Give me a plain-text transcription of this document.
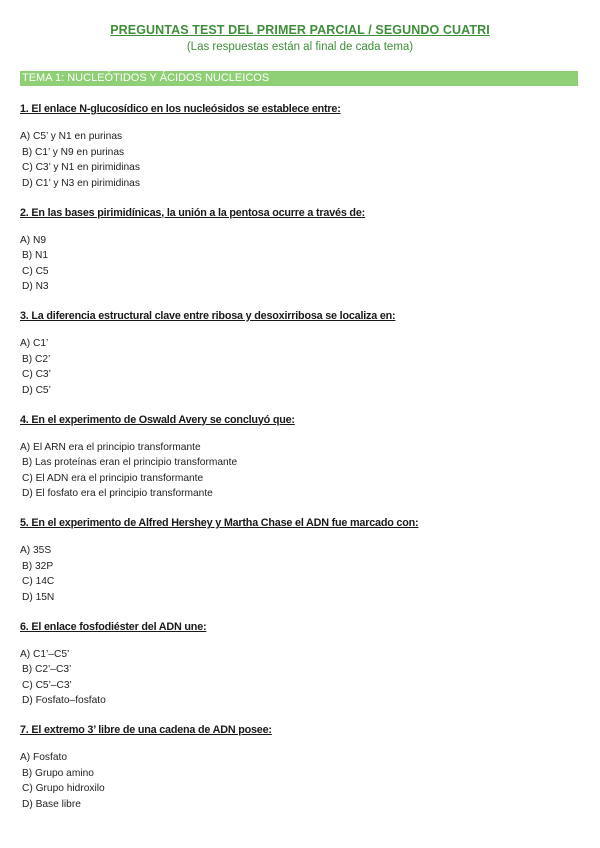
PREGUNTAS TEST DEL PRIMER PARCIAL / SEGUNDO CUATRI
(Las respuestas están al final de cada tema)
TEMA 1: NUCLEÓTIDOS Y ÁCIDOS NUCLEICOS
1. El enlace N-glucosídico en los nucleósidos se establece entre:
A) C5’ y N1 en purinas
B) C1’ y N9 en purinas
C) C3’ y N1 en pirimidinas
D) C1’ y N3 en pirimidinas
2. En las bases pirimidínicas, la unión a la pentosa ocurre a través de:
A) N9
B) N1
C) C5
D) N3
3. La diferencia estructural clave entre ribosa y desoxirribosa se localiza en:
A) C1’
B) C2’
C) C3’
D) C5’
4. En el experimento de Oswald Avery se concluyó que:
A) El ARN era el principio transformante
B) Las proteínas eran el principio transformante
C) El ADN era el principio transformante
D) El fosfato era el principio transformante
5. En el experimento de Alfred Hershey y Martha Chase el ADN fue marcado con:
A) 35S
B) 32P
C) 14C
D) 15N
6. El enlace fosfodiéster del ADN une:
A) C1’–C5’
B) C2’–C3’
C) C5’–C3’
D) Fosfato–fosfato
7. El extremo 3’ libre de una cadena de ADN posee:
A) Fosfato
B) Grupo amino
C) Grupo hidroxilo
D) Base libre
